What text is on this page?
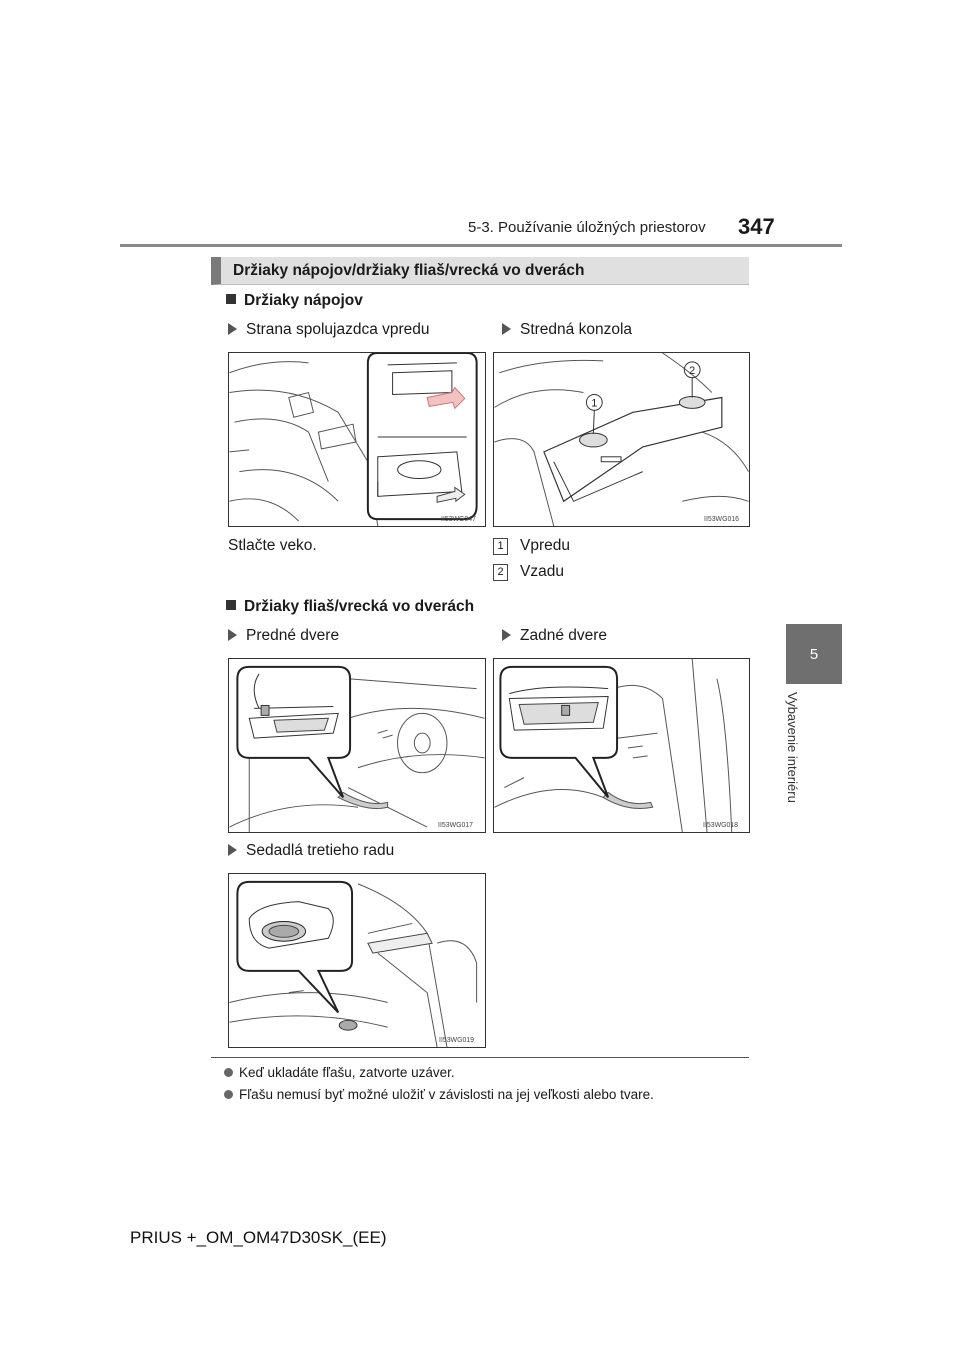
5-3. Používanie úložných priestorov 347
5
Vybavenie interiéru
Držiaky nápojov/držiaky fliaš/vrecká vo dverách
Držiaky nápojov
Strana spolujazdca vpredu	Stredná konzola
II53WG047
1
2
II53WG016
Stlačte veko.	1 Vpredu
2 Vzadu
Držiaky fliaš/vrecká vo dverách
Predné dvere	Zadné dvere
II53WG017	II53WG018
Sedadlá tretieho radu
II53WG019
Keď ukladáte fľašu, zatvorte uzáver.
Fľašu nemusí byť možné uložiť v závislosti na jej veľkosti alebo tvare.
PRIUS +_OM_OM47D30SK_(EE)
